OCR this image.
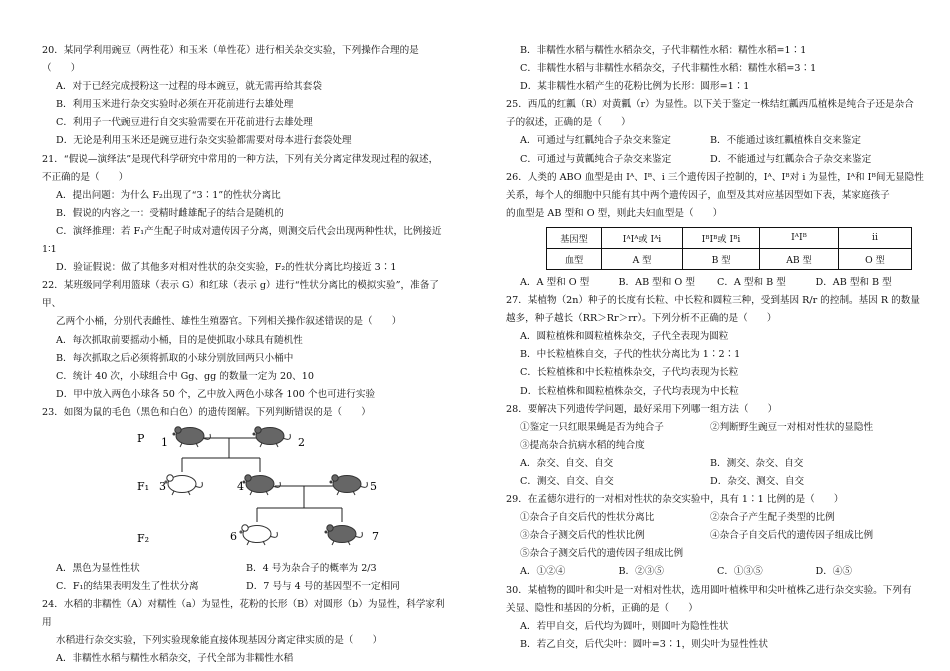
20．某同学利用豌豆（两性花）和玉米（单性花）进行相关杂交实验，下列操作合理的是
（　　）
A．对于已经完成授粉这一过程的母本豌豆，就无需再给其套袋
B．利用玉米进行杂交实验时必须在开花前进行去雄处理
C．利用子一代豌豆进行自交实验需要在开花前进行去雄处理
D．无论是利用玉米还是豌豆进行杂交实验都需要对母本进行套袋处理
21．“假说—演绎法”是现代科学研究中常用的一种方法，下列有关分离定律发现过程的叙述，
不正确的是（　　）
A．提出问题：为什么 F₂出现了“3∶1”的性状分离比
B．假说的内容之一：受精时雌雄配子的结合是随机的
C．演绎推理：若 F₁产生配子时成对遗传因子分离，则测交后代会出现两种性状，比例接近
1∶1
D．验证假说：做了其他多对相对性状的杂交实验，F₂的性状分离比均接近 3∶1
22．某班级同学利用篮球（表示 G）和红球（表示 g）进行“性状分离比的模拟实验”，准备了
甲、
乙两个小桶，分别代表雌性、雄性生殖器官。下列相关操作叙述错误的是（　　）
A．每次抓取前要摇动小桶，目的是使抓取小球具有随机性
B．每次抓取之后必须将抓取的小球分别放回两只小桶中
C．统计 40 次，小球组合中 Gg、gg 的数量一定为 20、10
D．甲中放入两色小球各 50 个，乙中放入两色小球各 100 个也可进行实验
23．如图为鼠的毛色（黑色和白色）的遗传图解。下列判断错误的是（　　）
P
F₁
F₂
1	2
3	4	5
6	7
A．黑色为显性性状	B．4 号为杂合子的概率为 2/3
C．F₁的结果表明发生了性状分离	D．7 号与 4 号的基因型不一定相同
24．水稻的非糯性（A）对糯性（a）为显性，花粉的长形（B）对圆形（b）为显性，科学家利
用
水稻进行杂交实验，下列实验现象能直接体现基因分离定律实质的是（　　）
A．非糯性水稻与糯性水稻杂交，子代全部为非糯性水稻
B．非糯性水稻与糯性水稻杂交，子代非糯性水稻：糯性水稻=1∶1
C．非糯性水稻与非糯性水稻杂交，子代非糯性水稻：糯性水稻=3∶1
D．某非糯性水稻产生的花粉比例为长形：圆形=1∶1
25．西瓜的红瓤（R）对黄瓤（r）为显性。以下关于鉴定一株结红瓤西瓜植株是纯合子还是杂合
子的叙述，正确的是（　　）
A．可通过与红瓤纯合子杂交来鉴定	B．不能通过该红瓤植株自交来鉴定
C．可通过与黄瓤纯合子杂交来鉴定	D．不能通过与红瓤杂合子杂交来鉴定
26．人类的 ABO 血型是由 Iᴬ、Iᴮ、i 三个遗传因子控制的，Iᴬ、Iᴮ对 i 为显性，Iᴬ和 Iᴮ间无显隐性
关系，每个人的细胞中只能有其中两个遗传因子，血型及其对应基因型如下表，某家庭孩子
的血型是 AB 型和 O 型，则此夫妇血型是（　　）
基因型	IᴬIᴬ或 Iᴬi	IᴮIᴮ或 Iᴮi	IᴬIᴮ	ii
血型	A 型	B 型	AB 型	O 型
A．A 型和 O 型	B．AB 型和 O 型	C．A 型和 B 型	D．AB 型和 B 型
27．某植物（2n）种子的长度有长粒、中长粒和圆粒三种，受到基因 R/r 的控制。基因 R 的数量
越多，种子越长（RR＞Rr＞rr）。下列分析不正确的是（　　）
A．圆粒植株和圆粒植株杂交，子代全表现为圆粒
B．中长粒植株自交，子代的性状分离比为 1∶2∶1
C．长粒植株和中长粒植株杂交，子代均表现为长粒
D．长粒植株和圆粒植株杂交，子代均表现为中长粒
28．要解决下列遗传学问题，最好采用下列哪一组方法（　　）
①鉴定一只红眼果蝇是否为纯合子	②判断野生豌豆一对相对性状的显隐性
③提高杂合抗病水稻的纯合度
A．杂交、自交、自交	B．测交、杂交、自交
C．测交、自交、自交	D．杂交、测交、自交
29．在孟德尔进行的一对相对性状的杂交实验中，具有 1∶1 比例的是（　　）
①杂合子自交后代的性状分离比	②杂合子产生配子类型的比例
③杂合子测交后代的性状比例	④杂合子自交后代的遗传因子组成比例
⑤杂合子测交后代的遗传因子组成比例
A．①②④	B．②③⑤	C．①③⑤	D．④⑤
30．某植物的圆叶和尖叶是一对相对性状，选用圆叶植株甲和尖叶植株乙进行杂交实验。下列有
关显、隐性和基因的分析，正确的是（　　）
A．若甲自交，后代均为圆叶，则圆叶为隐性性状
B．若乙自交，后代尖叶：圆叶=3∶1，则尖叶为显性性状
